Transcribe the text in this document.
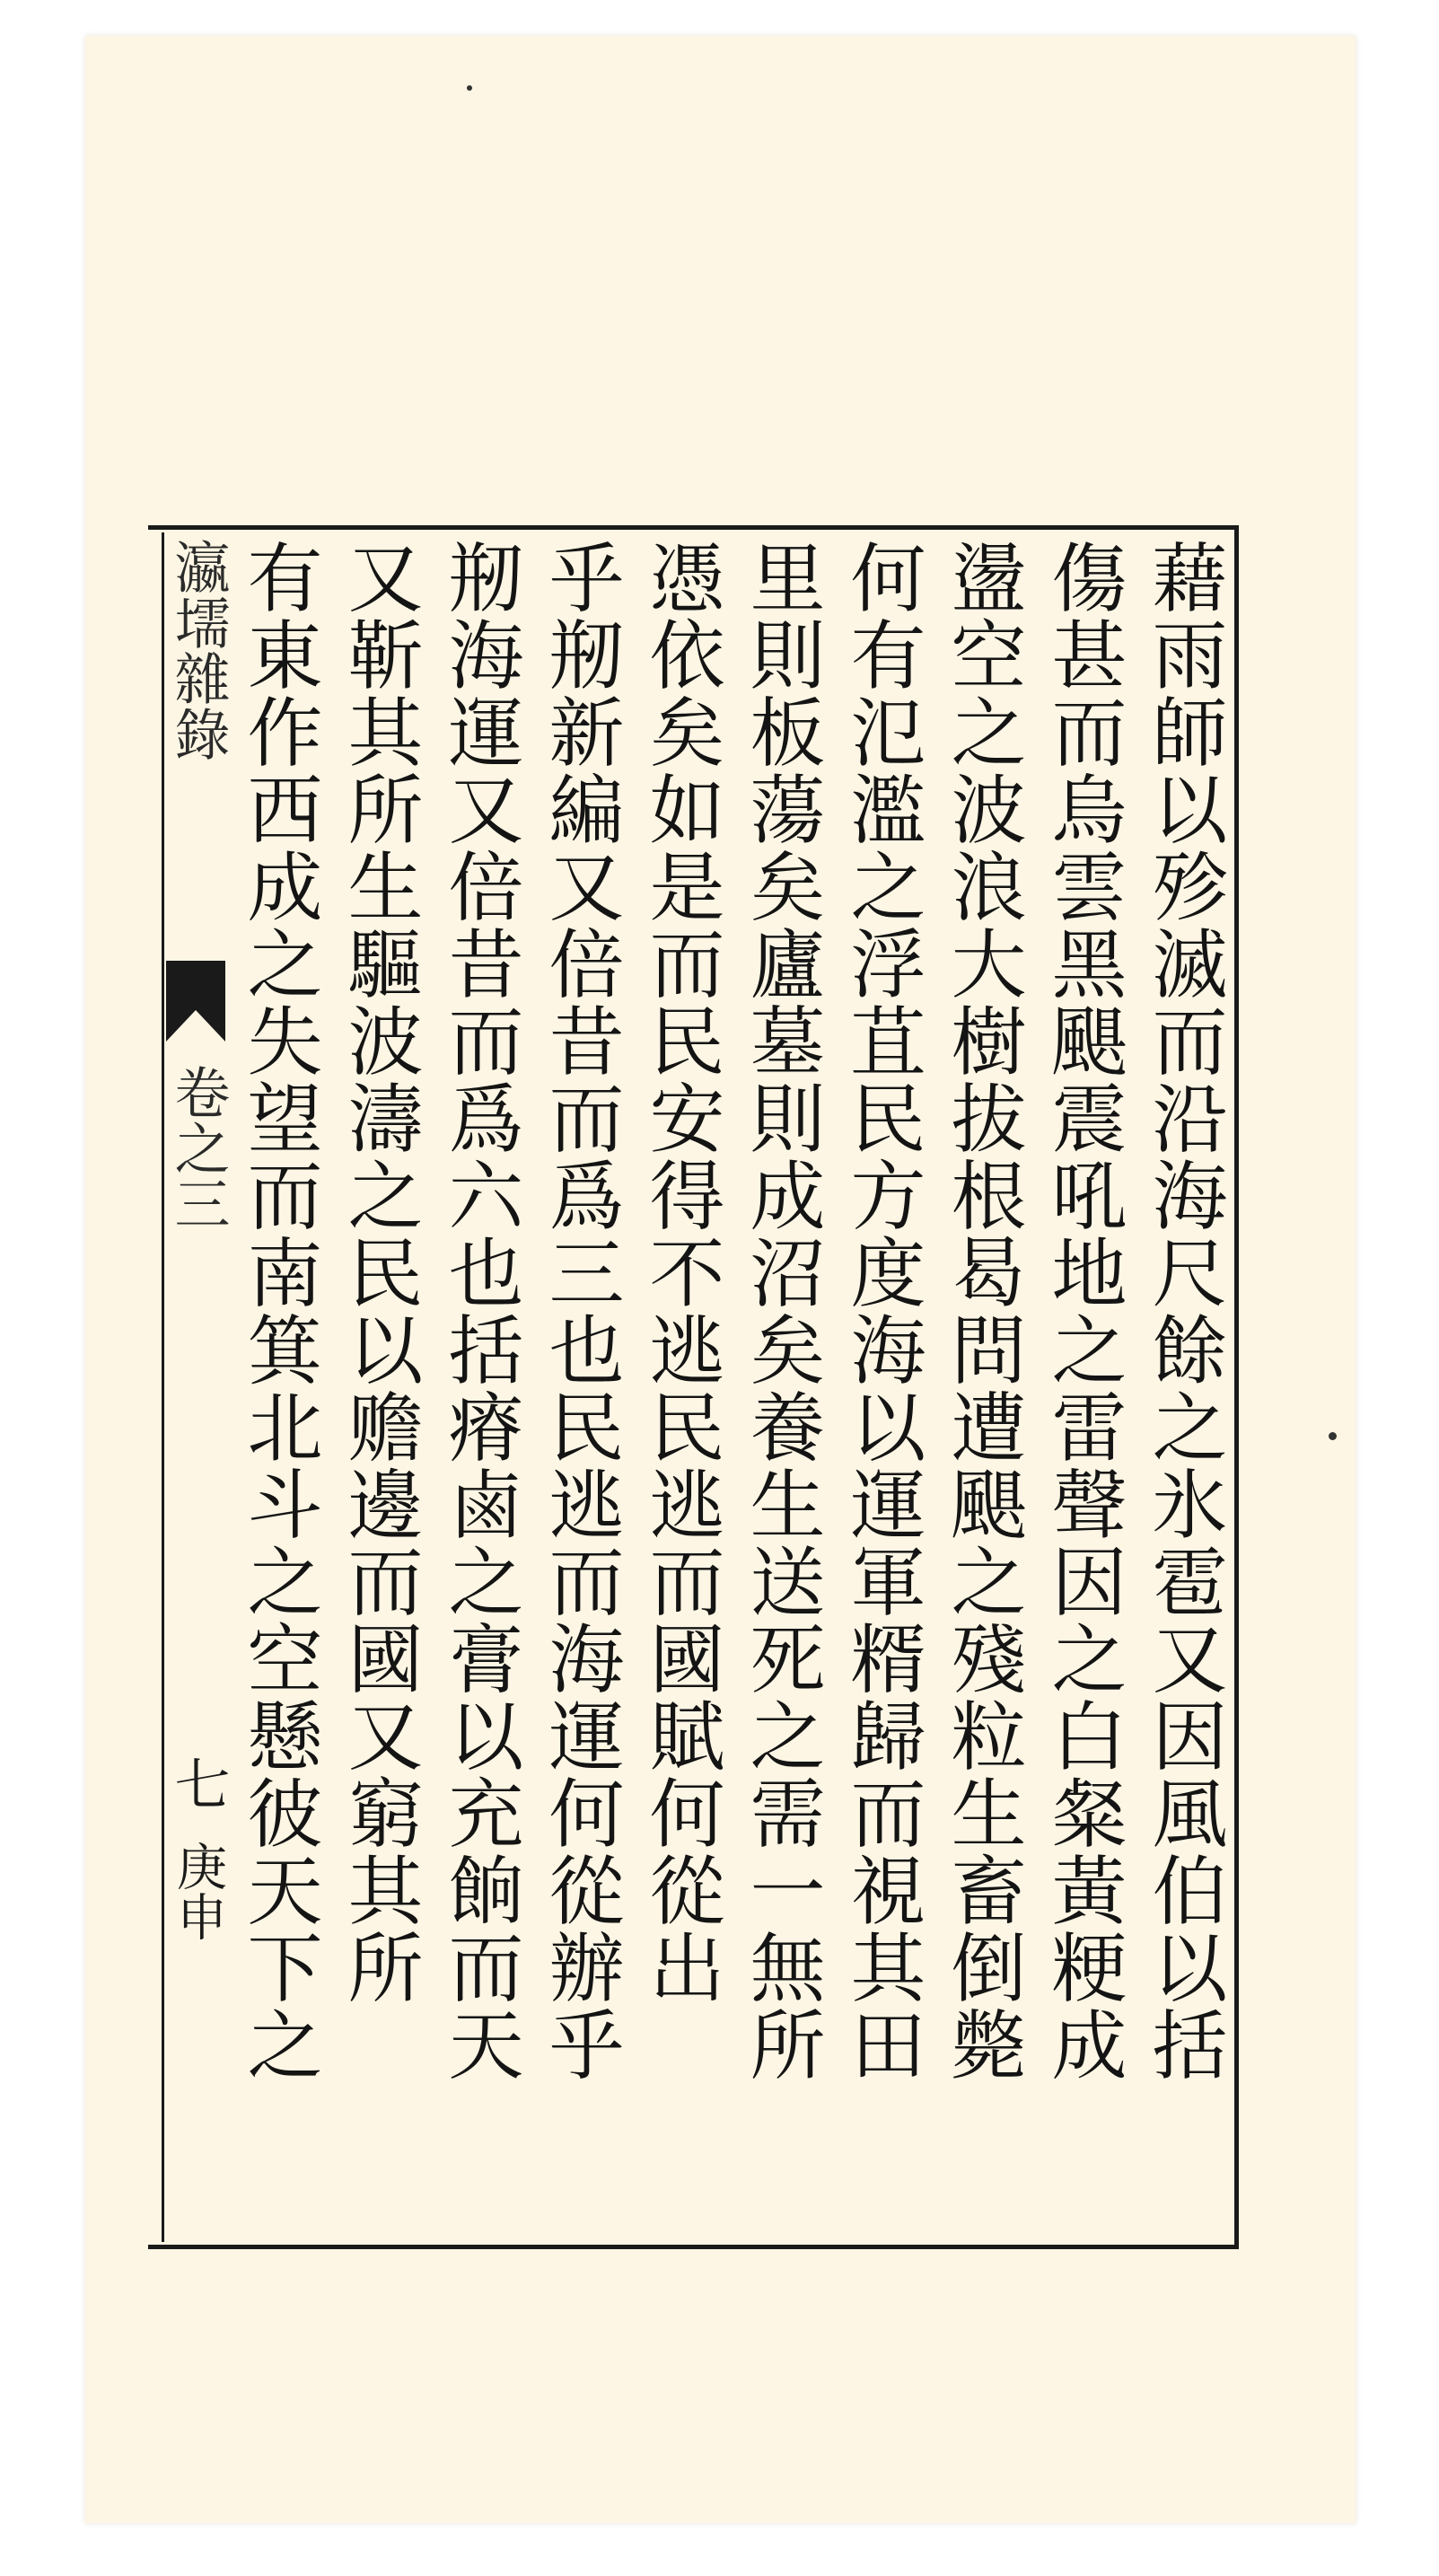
瀛壖雜錄
卷之三
七
庚申	藉雨師以殄滅而沿海尺餘之氷雹又因風伯以括
傷甚而烏雲黑颶震吼地之雷聲因之白粲黃粳成
盪空之波浪大樹拔根曷問遭颶之殘粒生畜倒斃
何有氾濫之浮苴民方度海以運軍糈歸而視其田
里則板蕩矣廬墓則成沼矣養生送死之需一無所
憑依矣如是而民安得不逃民逃而國賦何從出
乎剏新編又倍昔而爲三也民逃而海運何從辦乎
剏海運又倍昔而爲六也括瘠鹵之膏以充餉而天
又靳其所生驅波濤之民以赡邊而國又窮其所
有東作西成之失望而南箕北斗之空懸彼天下之
